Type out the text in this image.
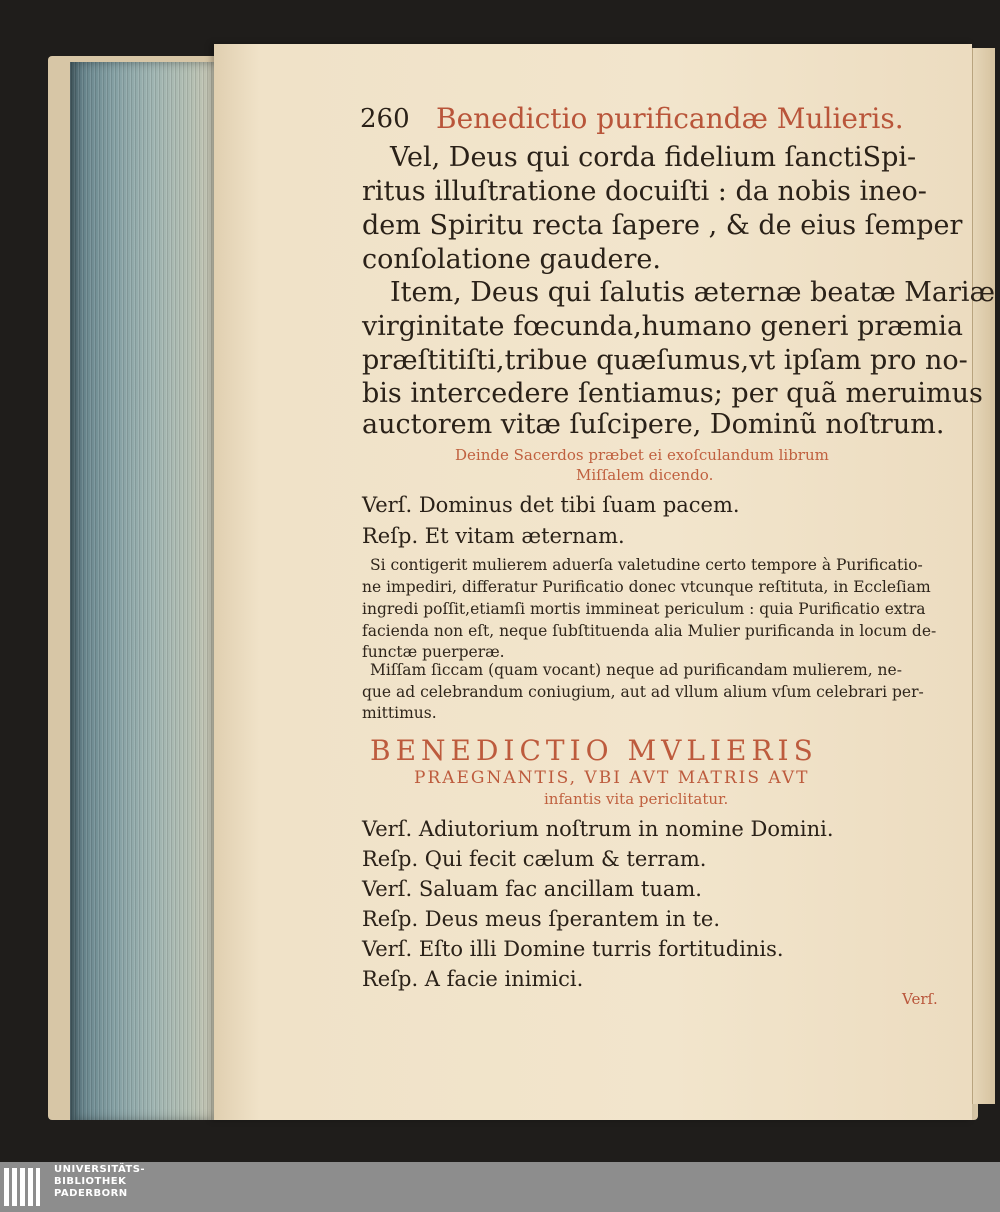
260 Benedictio purificandæ Mulieris.
Vel, Deus qui corda fidelium ſanctiSpi-
ritus illuſtratione docuiſti : da nobis ineo-
dem Spiritu recta ſapere , & de eius ſemper
conſolatione gaudere.
Item, Deus qui ſalutis æternæ beatæ Mariæ
virginitate fœcunda,humano generi præmia
præſtitiſti,tribue quæſumus,vt ipſam pro no-
bis intercedere ſentiamus; per quã meruimus
auctorem vitæ ſuſcipere, Dominũ noſtrum.
Deinde Sacerdos præbet ei exoſculandum librum
Miſſalem dicendo.
Verſ. Dominus det tibi ſuam pacem.
Reſp. Et vitam æternam.
Si contigerit mulierem aduerſa valetudine certo tempore à Purificatio-
ne impediri, differatur Purificatio donec vtcunque reſtituta, in Eccleſiam
ingredi poſſit,etiamſi mortis immineat periculum : quia Purificatio extra
facienda non eſt, neque ſubſtituenda alia Mulier purificanda in locum de-
functæ puerperæ.
Miſſam ſiccam (quam vocant) neque ad purificandam mulierem, ne-
que ad celebrandum coniugium, aut ad vllum alium vſum celebrari per-
mittimus.
BENEDICTIO MVLIERIS
PRAEGNANTIS, VBI AVT MATRIS AVT
infantis vita periclitatur.
Verſ. Adiutorium noſtrum in nomine Domini.
Reſp. Qui fecit cælum & terram.
Verſ. Saluam fac ancillam tuam.
Reſp. Deus meus ſperantem in te.
Verſ. Eſto illi Domine turris fortitudinis.
Reſp. A facie inimici.
Verſ.
UNIVERSITÄTS-
BIBLIOTHEK
PADERBORN
